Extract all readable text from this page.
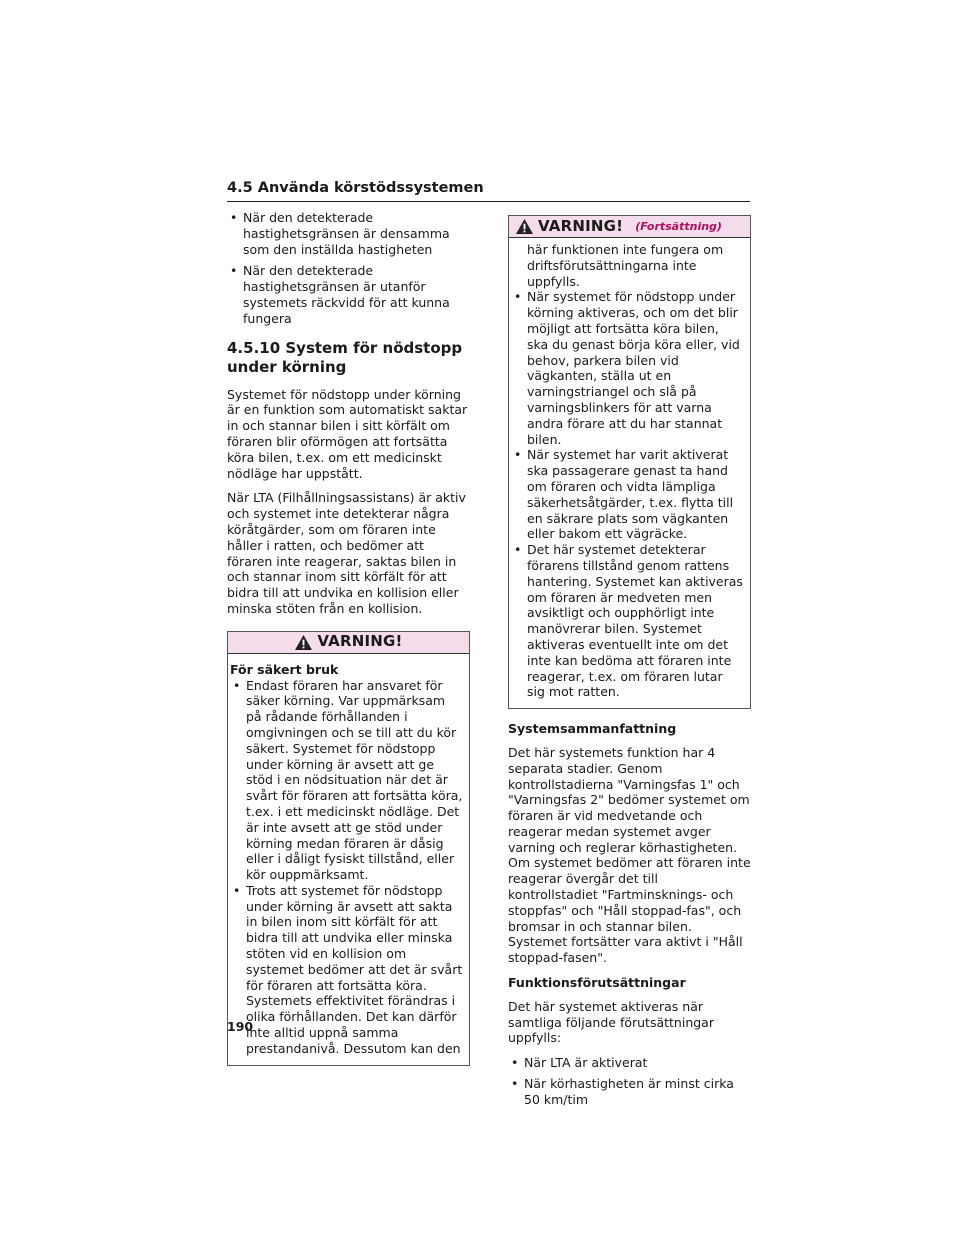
4.5 Använda körstödssystemen
• När den detekterade hastighetsgränsen är densamma som den inställda hastigheten
• När den detekterade hastighetsgränsen är utanför systemets räckvidd för att kunna fungera
4.5.10 System för nödstopp under körning

Systemet för nödstopp under körning är en funktion som automatiskt saktar in och stannar bilen i sitt körfält om föraren blir oförmögen att fortsätta köra bilen, t.ex. om ett medicinskt nödläge har uppstått.

När LTA (Filhållningsassistans) är aktiv och systemet inte detekterar några köråtgärder, som om föraren inte håller i ratten, och bedömer att föraren inte reagerar, saktas bilen in och stannar inom sitt körfält för att bidra till att undvika en kollision eller minska stöten från en kollision.

VARNING!
För säkert bruk
• Endast föraren har ansvaret för säker körning. Var uppmärksam på rådande förhållanden i omgivningen och se till att du kör säkert. Systemet för nödstopp under körning är avsett att ge stöd i en nödsituation när det är svårt för föraren att fortsätta köra, t.ex. i ett medicinskt nödläge. Det är inte avsett att ge stöd under körning medan föraren är dåsig eller i dåligt fysiskt tillstånd, eller kör ouppmärksamt.
• Trots att systemet för nödstopp under körning är avsett att sakta in bilen inom sitt körfält för att bidra till att undvika eller minska stöten vid en kollision om systemet bedömer att det är svårt för föraren att fortsätta köra. Systemets effektivitet förändras i olika förhållanden. Det kan därför inte alltid uppnå samma prestandanivå. Dessutom kan den
VARNING! (Fortsättning)
här funktionen inte fungera om driftsförutsättningarna inte uppfylls.
• När systemet för nödstopp under körning aktiveras, och om det blir möjligt att fortsätta köra bilen, ska du genast börja köra eller, vid behov, parkera bilen vid vägkanten, ställa ut en varningstriangel och slå på varningsblinkers för att varna andra förare att du har stannat bilen.
• När systemet har varit aktiverat ska passagerare genast ta hand om föraren och vidta lämpliga säkerhetsåtgärder, t.ex. flytta till en säkrare plats som vägkanten eller bakom ett vägräcke.
• Det här systemet detekterar förarens tillstånd genom rattens hantering. Systemet kan aktiveras om föraren är medveten men avsiktligt och oupphörligt inte manövrerar bilen. Systemet aktiveras eventuellt inte om det inte kan bedöma att föraren inte reagerar, t.ex. om föraren lutar sig mot ratten.
Systemsammanfattning

Det här systemets funktion har 4 separata stadier. Genom kontrollstadierna "Varningsfas 1" och "Varningsfas 2" bedömer systemet om föraren är vid medvetande och reagerar medan systemet avger varning och reglerar körhastigheten. Om systemet bedömer att föraren inte reagerar övergår det till kontrollstadiet "Fartminsknings- och stoppfas" och "Håll stoppad-fas", och bromsar in och stannar bilen. Systemet fortsätter vara aktivt i "Håll stoppad-fasen".

Funktionsförutsättningar

Det här systemet aktiveras när samtliga följande förutsättningar uppfylls:

• När LTA är aktiverat
• När körhastigheten är minst cirka 50 km/tim
190
